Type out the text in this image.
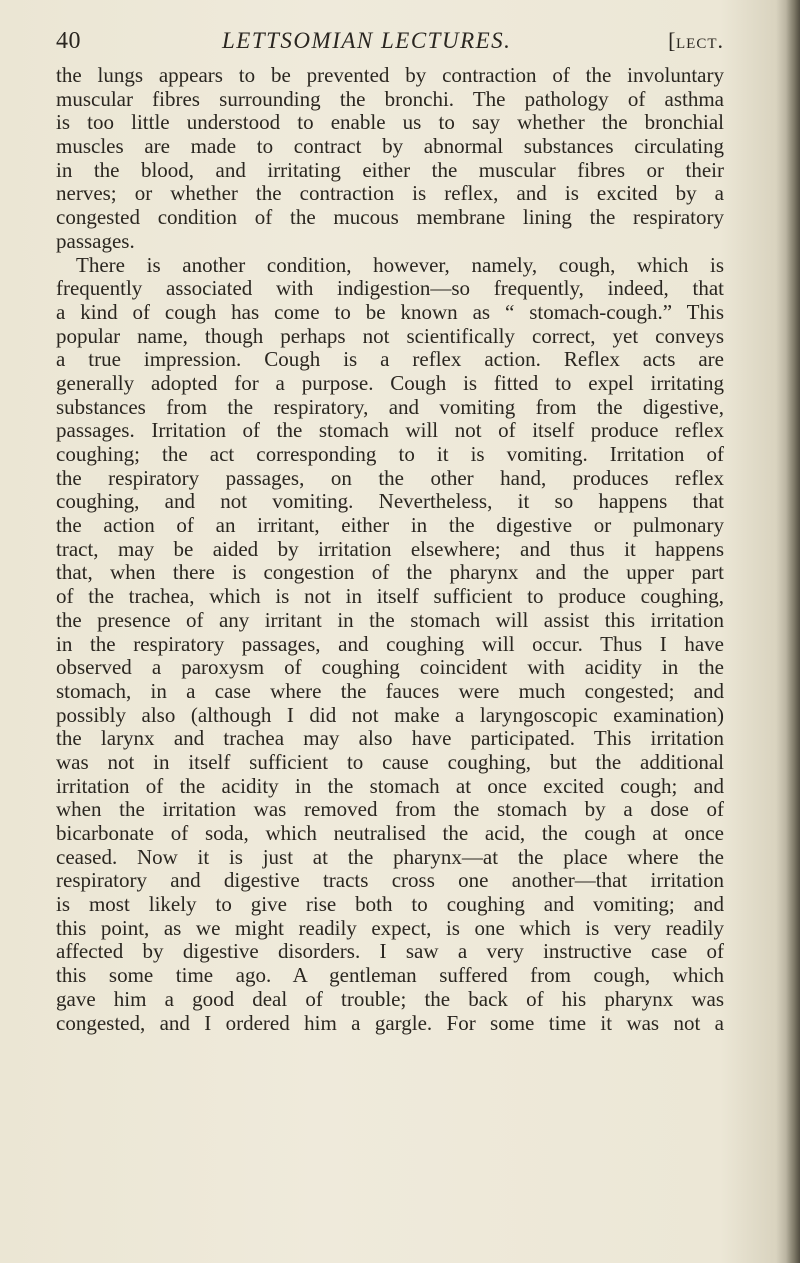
40	LETTSOMIAN LECTURES.	[lect.
the lungs appears to be prevented by contraction of the involuntary
muscular fibres surrounding the bronchi. The pathology of asthma
is too little understood to enable us to say whether the bronchial
muscles are made to contract by abnormal substances circulating
in the blood, and irritating either the muscular fibres or their
nerves; or whether the contraction is reflex, and is excited by a
congested condition of the mucous membrane lining the respiratory
passages.
There is another condition, however, namely, cough, which is
frequently associated with indigestion—so frequently, indeed, that
a kind of cough has come to be known as “ stomach-cough.” This
popular name, though perhaps not scientifically correct, yet conveys
a true impression. Cough is a reflex action. Reflex acts are
generally adopted for a purpose. Cough is fitted to expel irritating
substances from the respiratory, and vomiting from the digestive,
passages. Irritation of the stomach will not of itself produce reflex
coughing; the act corresponding to it is vomiting. Irritation of
the respiratory passages, on the other hand, produces reflex
coughing, and not vomiting. Nevertheless, it so happens that
the action of an irritant, either in the digestive or pulmonary
tract, may be aided by irritation elsewhere; and thus it happens
that, when there is congestion of the pharynx and the upper part
of the trachea, which is not in itself sufficient to produce coughing,
the presence of any irritant in the stomach will assist this irritation
in the respiratory passages, and coughing will occur. Thus I have
observed a paroxysm of coughing coincident with acidity in the
stomach, in a case where the fauces were much congested; and
possibly also (although I did not make a laryngoscopic examination)
the larynx and trachea may also have participated. This irritation
was not in itself sufficient to cause coughing, but the additional
irritation of the acidity in the stomach at once excited cough; and
when the irritation was removed from the stomach by a dose of
bicarbonate of soda, which neutralised the acid, the cough at once
ceased. Now it is just at the pharynx—at the place where the
respiratory and digestive tracts cross one another—that irritation
is most likely to give rise both to coughing and vomiting; and
this point, as we might readily expect, is one which is very readily
affected by digestive disorders. I saw a very instructive case of
this some time ago. A gentleman suffered from cough, which
gave him a good deal of trouble; the back of his pharynx was
congested, and I ordered him a gargle. For some time it was not a
